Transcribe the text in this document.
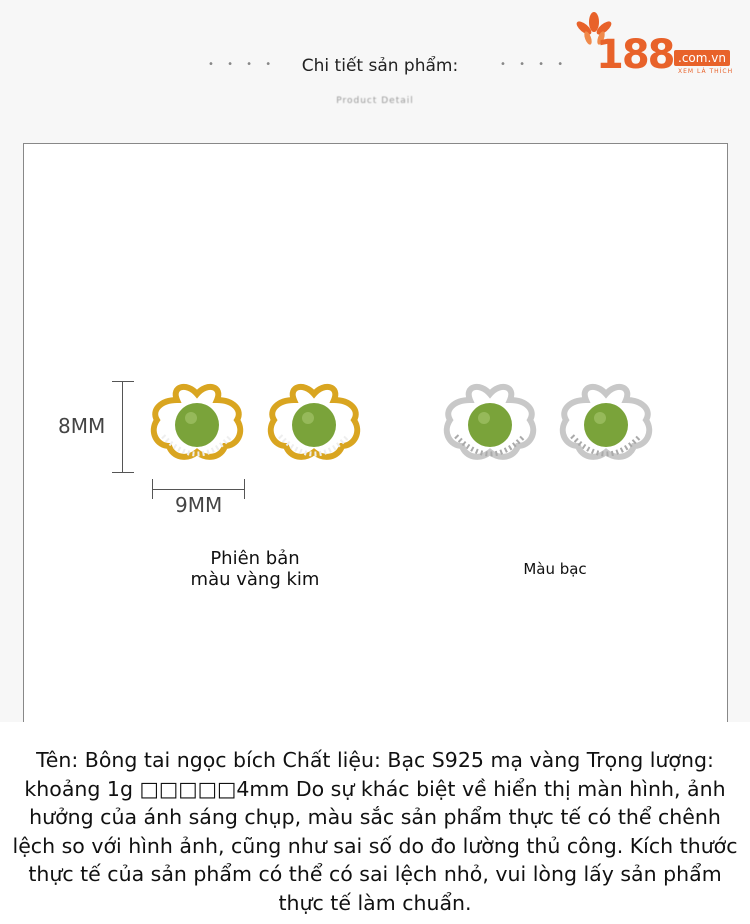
• • • •	Chi tiết sản phẩm:	• • • •
Product Detail
188 .com.vn
XEM LÀ THÍCH
8MM
9MM
Phiên bản
màu vàng kim	Màu bạc
Tên: Bông tai ngọc bích Chất liệu: Bạc S925 mạ vàng Trọng lượng: khoảng 1g □□□□□4mm Do sự khác biệt về hiển thị màn hình, ảnh hưởng của ánh sáng chụp, màu sắc sản phẩm thực tế có thể chênh lệch so với hình ảnh, cũng như sai số do đo lường thủ công. Kích thước thực tế của sản phẩm có thể có sai lệch nhỏ, vui lòng lấy sản phẩm thực tế làm chuẩn.
